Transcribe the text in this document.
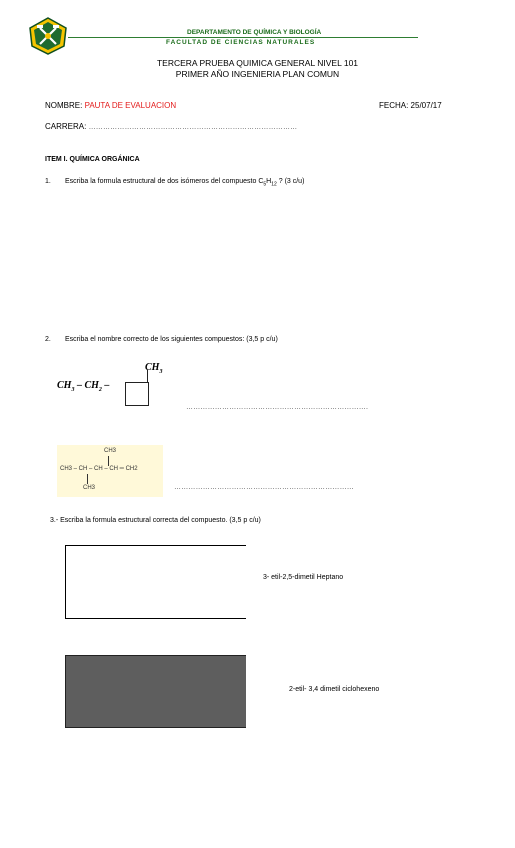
DEPARTAMENTO DE QUÍMICA Y BIOLOGÍA
FACULTAD DE CIENCIAS NATURALES
TERCERA PRUEBA QUIMICA GENERAL NIVEL 101
PRIMER AÑO INGENIERIA PLAN COMUN
NOMBRE: PAUTA DE EVALUACION	FECHA: 25/07/17
CARRERA: ……………………………………………………………………………
ITEM I. QUÍMICA ORGÁNICA
1. Escriba la formula estructural de dos isómeros del compuesto $C_5H_{12}$ ? (3 c/u)
2. Escriba el nombre correcto de los siguientes compuestos: (3,5 p c/u)
$CH_3 - CH_2$ –
$CH_3$
………………………………………………………………….
CH3
CH3 – CH – CH – CH ═ CH2
CH3	…………………………………………………………………
3.- Escriba la formula estructural correcta del compuesto. (3,5 p c/u)
3- etil-2,5-dimetil Heptano
2-etil- 3,4 dimetil ciclohexeno
